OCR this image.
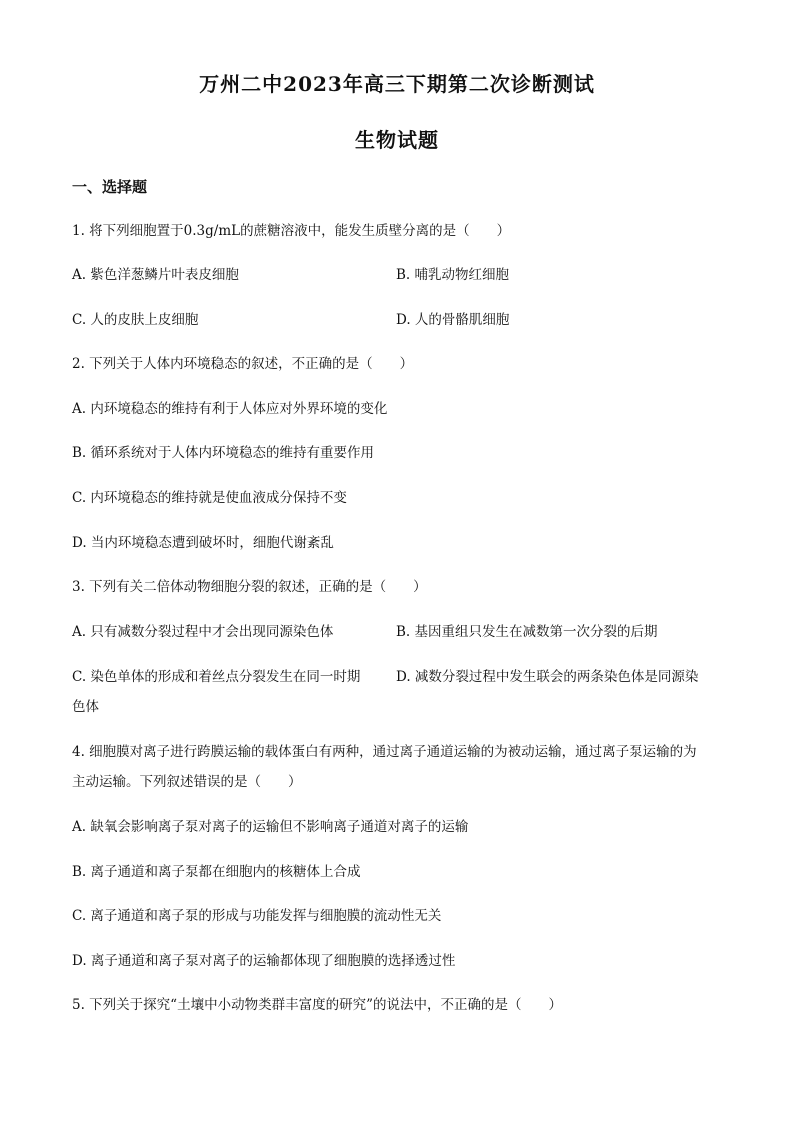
万州二中2023年高三下期第二次诊断测试
生物试题
一、选择题
1. 将下列细胞置于0.3g/mL的蔗糖溶液中，能发生质壁分离的是（　　）
A. 紫色洋葱鳞片叶表皮细胞	B. 哺乳动物红细胞
C. 人的皮肤上皮细胞	D. 人的骨骼肌细胞
2. 下列关于人体内环境稳态的叙述，不正确的是（　　）
A. 内环境稳态的维持有利于人体应对外界环境的变化
B. 循环系统对于人体内环境稳态的维持有重要作用
C. 内环境稳态的维持就是使血液成分保持不变
D. 当内环境稳态遭到破坏时，细胞代谢紊乱
3. 下列有关二倍体动物细胞分裂的叙述，正确的是（　　）
A. 只有减数分裂过程中才会出现同源染色体	B. 基因重组只发生在减数第一次分裂的后期
C. 染色单体的形成和着丝点分裂发生在同一时期	D. 减数分裂过程中发生联会的两条染色体是同源染
色体
4. 细胞膜对离子进行跨膜运输的载体蛋白有两种，通过离子通道运输的为被动运输，通过离子泵运输的为
主动运输。下列叙述错误的是（　　）
A. 缺氧会影响离子泵对离子的运输但不影响离子通道对离子的运输
B. 离子通道和离子泵都在细胞内的核糖体上合成
C. 离子通道和离子泵的形成与功能发挥与细胞膜的流动性无关
D. 离子通道和离子泵对离子的运输都体现了细胞膜的选择透过性
5. 下列关于探究“土壤中小动物类群丰富度的研究”的说法中，不正确的是（　　）
